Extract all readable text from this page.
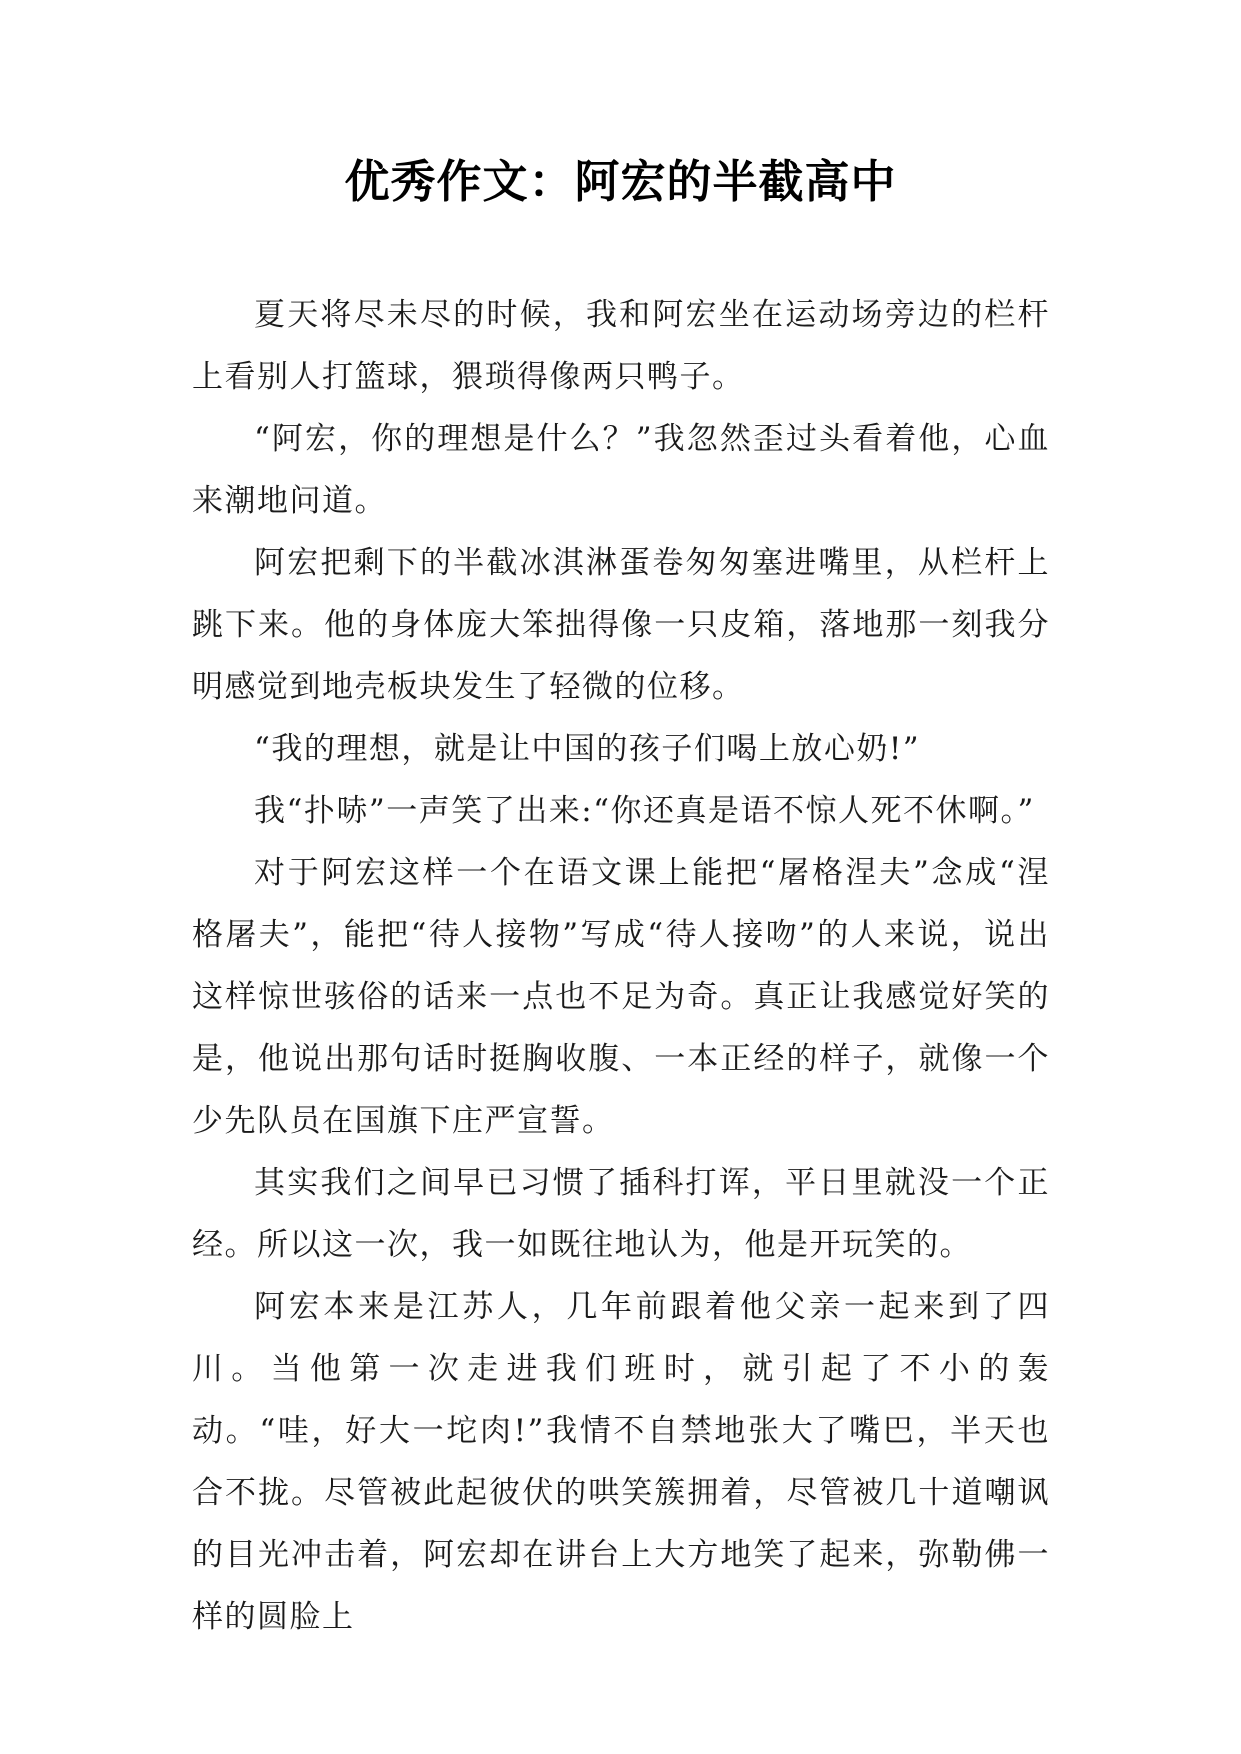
优秀作文：阿宏的半截高中

夏天将尽未尽的时候，我和阿宏坐在运动场旁边的栏杆上看别人打篮球，猥琐得像两只鸭子。

“阿宏，你的理想是什么？”我忽然歪过头看着他，心血来潮地问道。

阿宏把剩下的半截冰淇淋蛋卷匆匆塞进嘴里，从栏杆上跳下来。他的身体庞大笨拙得像一只皮箱，落地那一刻我分明感觉到地壳板块发生了轻微的位移。

“我的理想，就是让中国的孩子们喝上放心奶!”

我“扑哧”一声笑了出来:“你还真是语不惊人死不休啊。”

对于阿宏这样一个在语文课上能把“屠格涅夫”念成“涅格屠夫”，能把“待人接物”写成“待人接吻”的人来说，说出这样惊世骇俗的话来一点也不足为奇。真正让我感觉好笑的是，他说出那句话时挺胸收腹、一本正经的样子，就像一个少先队员在国旗下庄严宣誓。

其实我们之间早已习惯了插科打诨，平日里就没一个正经。所以这一次，我一如既往地认为，他是开玩笑的。

阿宏本来是江苏人，几年前跟着他父亲一起来到了四川。当他第一次走进我们班时，就引起了不小的轰动。“哇，好大一坨肉!”我情不自禁地张大了嘴巴，半天也合不拢。尽管被此起彼伏的哄笑簇拥着，尽管被几十道嘲讽的目光冲击着，阿宏却在讲台上大方地笑了起来，弥勒佛一样的圆脸上
